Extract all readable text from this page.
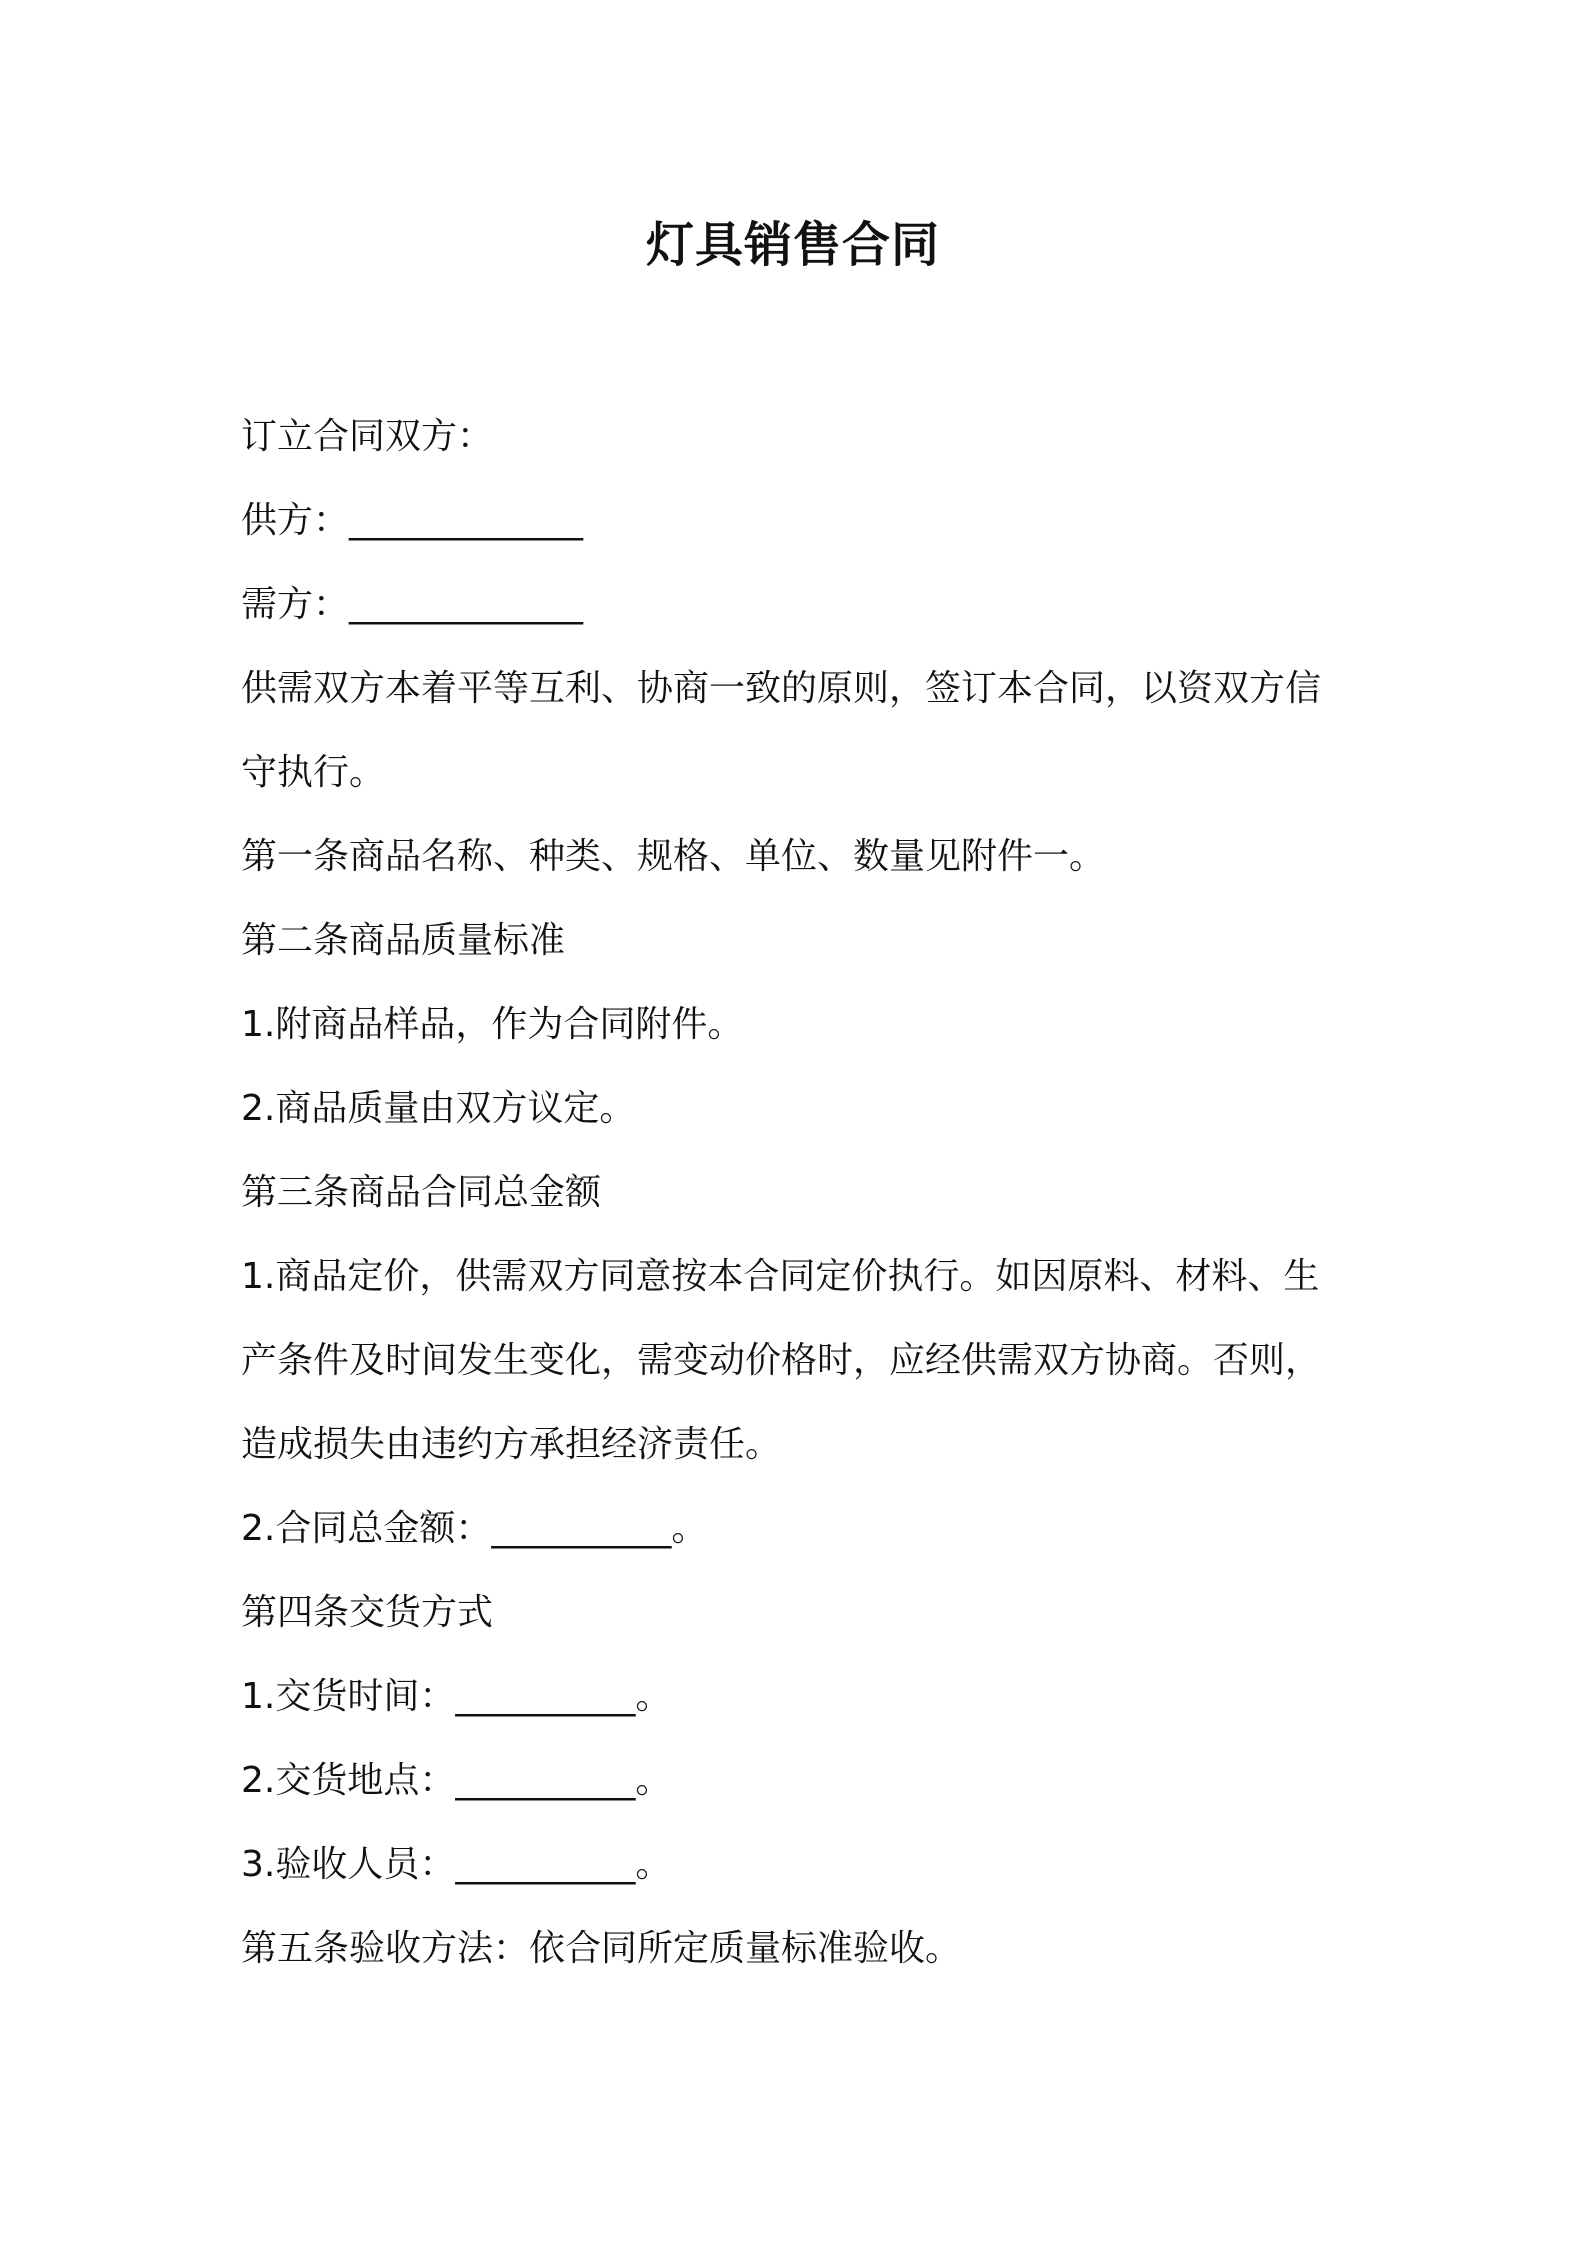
灯具销售合同
订立合同双方：
供方：_____________
需方：_____________
供需双方本着平等互利、协商一致的原则，签订本合同，以资双方信
守执行。
第一条商品名称、种类、规格、单位、数量见附件一。
第二条商品质量标准
1.附商品样品，作为合同附件。
2.商品质量由双方议定。
第三条商品合同总金额
1.商品定价，供需双方同意按本合同定价执行。如因原料、材料、生
产条件及时间发生变化，需变动价格时，应经供需双方协商。否则，
造成损失由违约方承担经济责任。
2.合同总金额：__________。
第四条交货方式
1.交货时间：__________。
2.交货地点：__________。
3.验收人员：__________。
第五条验收方法：依合同所定质量标准验收。
